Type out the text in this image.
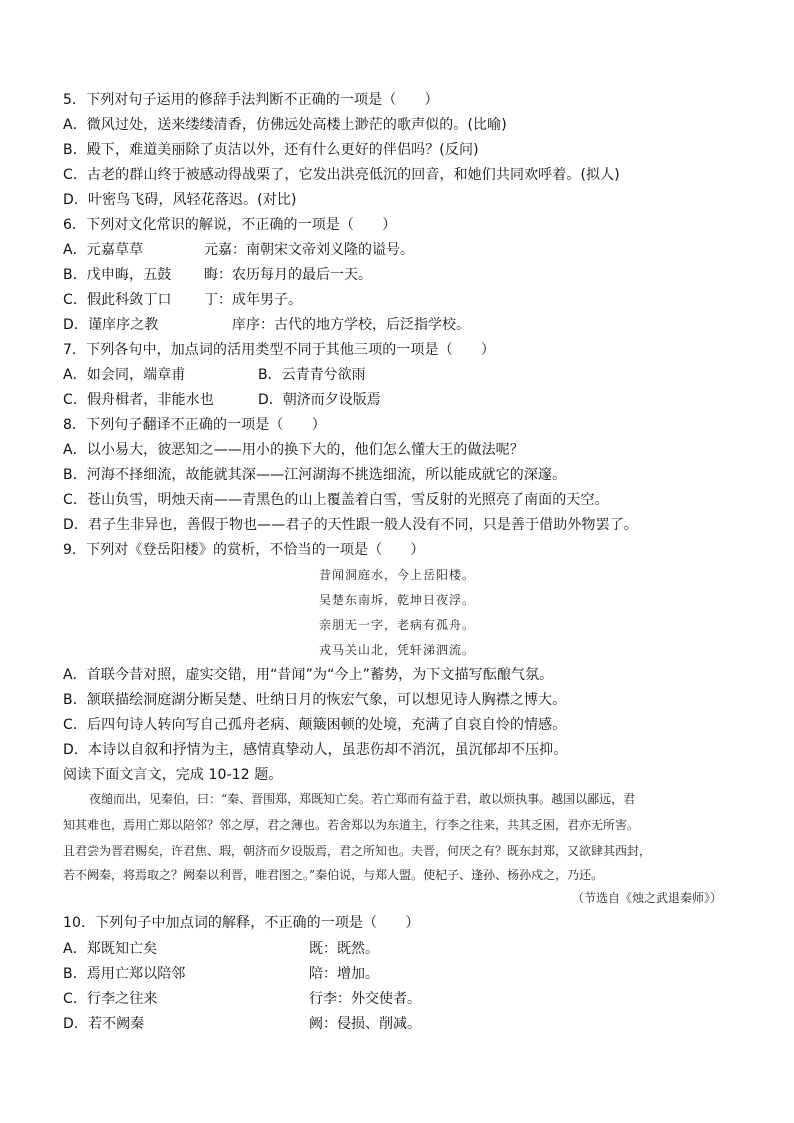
5．下列对句子运用的修辞手法判断不正确的一项是（　　）
A．微风过处，送来缕缕清香，仿佛远处高楼上渺茫的歌声似的。(比喻)
B．殿下，难道美丽除了贞洁以外，还有什么更好的伴侣吗？(反问)
C．古老的群山终于被感动得战栗了，它发出洪亮低沉的回音，和她们共同欢呼着。(拟人)
D．叶密鸟飞碍，风轻花落迟。(对比)
6．下列对文化常识的解说，不正确的一项是（　　）
A．元嘉草草	元嘉：南朝宋文帝刘义隆的谥号。
B．戊申晦，五鼓 晦：农历每月的最后一天。
C．假此科敛丁口 丁：成年男子。
D．谨庠序之教	庠序：古代的地方学校，后泛指学校。
7．下列各句中，加点词的活用类型不同于其他三项的一项是（　　）
A．如会同，端章甫	B．云青青兮欲雨
C．假舟楫者，非能水也	D．朝济而夕设版焉
8．下列句子翻译不正确的一项是（　　）
A．以小易大，彼恶知之——用小的换下大的，他们怎么懂大王的做法呢？
B．河海不择细流，故能就其深——江河湖海不挑选细流，所以能成就它的深邃。
C．苍山负雪，明烛天南——青黑色的山上覆盖着白雪，雪反射的光照亮了南面的天空。
D．君子生非异也，善假于物也——君子的天性跟一般人没有不同，只是善于借助外物罢了。
9．下列对《登岳阳楼》的赏析，不恰当的一项是（　　）
昔闻洞庭水，今上岳阳楼。
吴楚东南坼，乾坤日夜浮。
亲朋无一字，老病有孤舟。
戎马关山北，凭轩涕泗流。
A．首联今昔对照，虚实交错，用“昔闻”为“今上”蓄势，为下文描写酝酿气氛。
B．颔联描绘洞庭湖分断吴楚、吐纳日月的恢宏气象，可以想见诗人胸襟之博大。
C．后四句诗人转向写自己孤舟老病、颠簸困顿的处境，充满了自哀自怜的情感。
D．本诗以自叙和抒情为主，感情真挚动人，虽悲伤却不消沉，虽沉郁却不压抑。
阅读下面文言文，完成 10-12 题。
夜缒而出，见秦伯，曰：“秦、晋围郑，郑既知亡矣。若亡郑而有益于君，敢以烦执事。越国以鄙远，君
知其难也，焉用亡郑以陪邻？邻之厚，君之薄也。若舍郑以为东道主，行李之往来，共其乏困，君亦无所害。
且君尝为晋君赐矣，许君焦、瑕，朝济而夕设版焉，君之所知也。夫晋，何厌之有？既东封郑，又欲肆其西封，
若不阙秦，将焉取之？阙秦以利晋，唯君图之。”秦伯说，与郑人盟。使杞子、逢孙、杨孙戍之，乃还。
（节选自《烛之武退秦师》）
10．下列句子中加点词的解释，不正确的一项是（　　）
A．郑既知亡矣	既：既然。
B．焉用亡郑以陪邻	陪：增加。
C．行李之往来	行李：外交使者。
D．若不阙秦	阙：侵损、削减。
